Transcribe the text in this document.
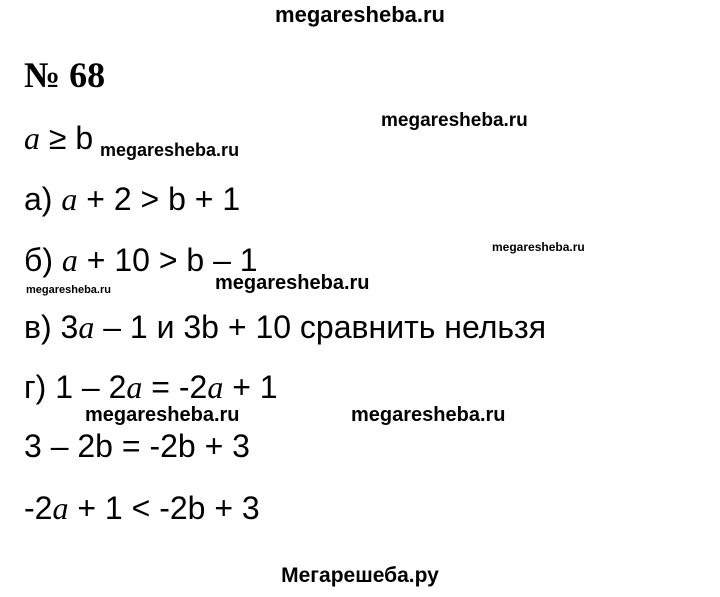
megaresheba.ru
№ 68
a ≥ b	megaresheba.ru
megaresheba.ru
а) a + 2 > b + 1
б) a + 10 > b – 1	megaresheba.ru
megaresheba.ru
megaresheba.ru
в) 3a – 1 и 3b + 10 сравнить нельзя
г) 1 – 2a = -2a + 1
megaresheba.ru	megaresheba.ru
3 – 2b = -2b + 3
-2a + 1 < -2b + 3
Мегарешеба.ру
